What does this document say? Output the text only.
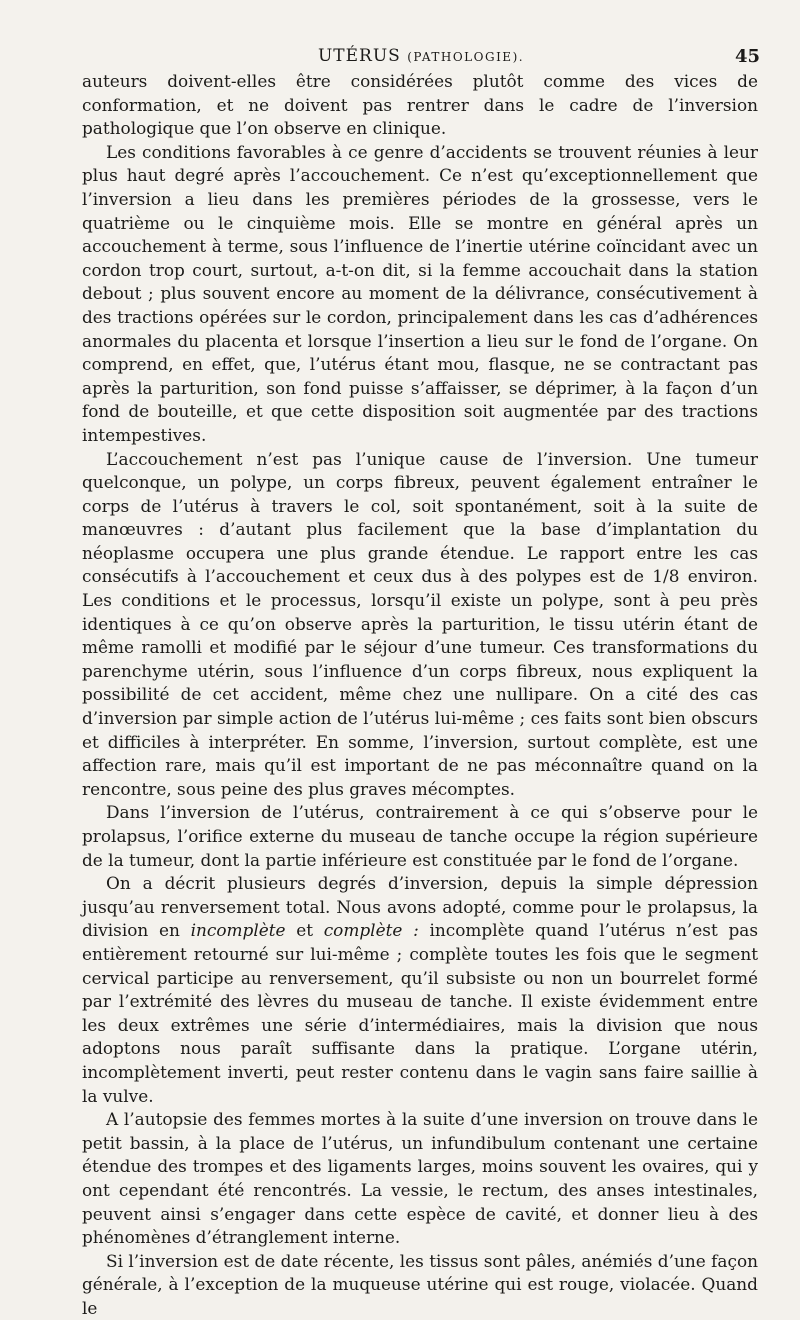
UTÉRUS (PATHOLOGIE).	45

auteurs doivent-elles être considérées plutôt comme des vices de conformation, et ne doivent pas rentrer dans le cadre de l’inversion pathologique que l’on observe en clinique.

Les conditions favorables à ce genre d’accidents se trouvent réunies à leur plus haut degré après l’accouchement. Ce n’est qu’exceptionnellement que l’inversion a lieu dans les premières périodes de la grossesse, vers le quatrième ou le cinquième mois. Elle se montre en général après un accouchement à terme, sous l’influence de l’inertie utérine coïncidant avec un cordon trop court, surtout, a-t-on dit, si la femme accouchait dans la station debout ; plus souvent encore au moment de la délivrance, consécutivement à des tractions opérées sur le cordon, principalement dans les cas d’adhérences anormales du placenta et lorsque l’insertion a lieu sur le fond de l’organe. On comprend, en effet, que, l’utérus étant mou, flasque, ne se contractant pas après la parturition, son fond puisse s’affaisser, se déprimer, à la façon d’un fond de bouteille, et que cette disposition soit augmentée par des tractions intempestives.

L’accouchement n’est pas l’unique cause de l’inversion. Une tumeur quelconque, un polype, un corps fibreux, peuvent également entraîner le corps de l’utérus à travers le col, soit spontanément, soit à la suite de manœuvres : d’autant plus facilement que la base d’implantation du néoplasme occupera une plus grande étendue. Le rapport entre les cas consécutifs à l’accouchement et ceux dus à des polypes est de 1/8 environ. Les conditions et le processus, lorsqu’il existe un polype, sont à peu près identiques à ce qu’on observe après la parturition, le tissu utérin étant de même ramolli et modifié par le séjour d’une tumeur. Ces transformations du parenchyme utérin, sous l’influence d’un corps fibreux, nous expliquent la possibilité de cet accident, même chez une nullipare. On a cité des cas d’inversion par simple action de l’utérus lui-même ; ces faits sont bien obscurs et difficiles à interpréter. En somme, l’inversion, surtout complète, est une affection rare, mais qu’il est important de ne pas méconnaître quand on la rencontre, sous peine des plus graves mécomptes.

Dans l’inversion de l’utérus, contrairement à ce qui s’observe pour le prolapsus, l’orifice externe du museau de tanche occupe la région supérieure de la tumeur, dont la partie inférieure est constituée par le fond de l’organe.

On a décrit plusieurs degrés d’inversion, depuis la simple dépression jusqu’au renversement total. Nous avons adopté, comme pour le prolapsus, la division en incomplète et complète : incomplète quand l’utérus n’est pas entièrement retourné sur lui-même ; complète toutes les fois que le segment cervical participe au renversement, qu’il subsiste ou non un bourrelet formé par l’extrémité des lèvres du museau de tanche. Il existe évidemment entre les deux extrêmes une série d’intermédiaires, mais la division que nous adoptons nous paraît suffisante dans la pratique. L’organe utérin, incomplètement inverti, peut rester contenu dans le vagin sans faire saillie à la vulve.

A l’autopsie des femmes mortes à la suite d’une inversion on trouve dans le petit bassin, à la place de l’utérus, un infundibulum contenant une certaine étendue des trompes et des ligaments larges, moins souvent les ovaires, qui y ont cependant été rencontrés. La vessie, le rectum, des anses intestinales, peuvent ainsi s’engager dans cette espèce de cavité, et donner lieu à des phénomènes d’étranglement interne.

Si l’inversion est de date récente, les tissus sont pâles, anémiés d’une façon générale, à l’exception de la muqueuse utérine qui est rouge, violacée. Quand le
